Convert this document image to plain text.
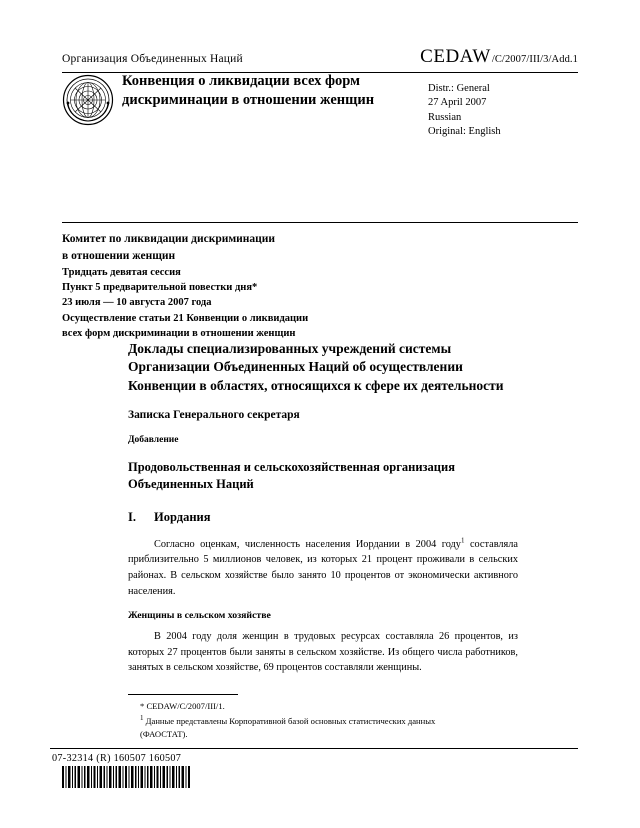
Организация Объединенных Наций	CEDAW /C/2007/III/3/Add.1
Конвенция о ликвидации всех форм дискриминации в отношении женщин
Distr.: General
27 April 2007
Russian
Original: English
Комитет по ликвидации дискриминации
в отношении женщин
Тридцать девятая сессия
Пункт 5 предварительной повестки дня*
23 июля — 10 августа 2007 года
Осуществление статьи 21 Конвенции о ликвидации
всех форм дискриминации в отношении женщин
Доклады специализированных учреждений системы Организации Объединенных Наций об осуществлении Конвенции в областях, относящихся к сфере их деятельности
Записка Генерального секретаря
Добавление
Продовольственная и сельскохозяйственная организация Объединенных Наций
I.	Иордания

Согласно оценкам, численность населения Иордании в 2004 году$^1$ составляла приблизительно 5 миллионов человек, из которых 21 процент проживали в сельских районах. В сельском хозяйстве было занято 10 процентов от экономически активного населения.

Женщины в сельском хозяйстве

В 2004 году доля женщин в трудовых ресурсах составляла 26 процентов, из которых 27 процентов были заняты в сельском хозяйстве. Из общего числа работников, занятых в сельском хозяйстве, 69 процентов составляли женщины.

* CEDAW/C/2007/III/1.

$^1$ Данные представлены Корпоративной базой основных статистических данных
(ФАОСТАТ).

07-32314 (R) 160507 160507
